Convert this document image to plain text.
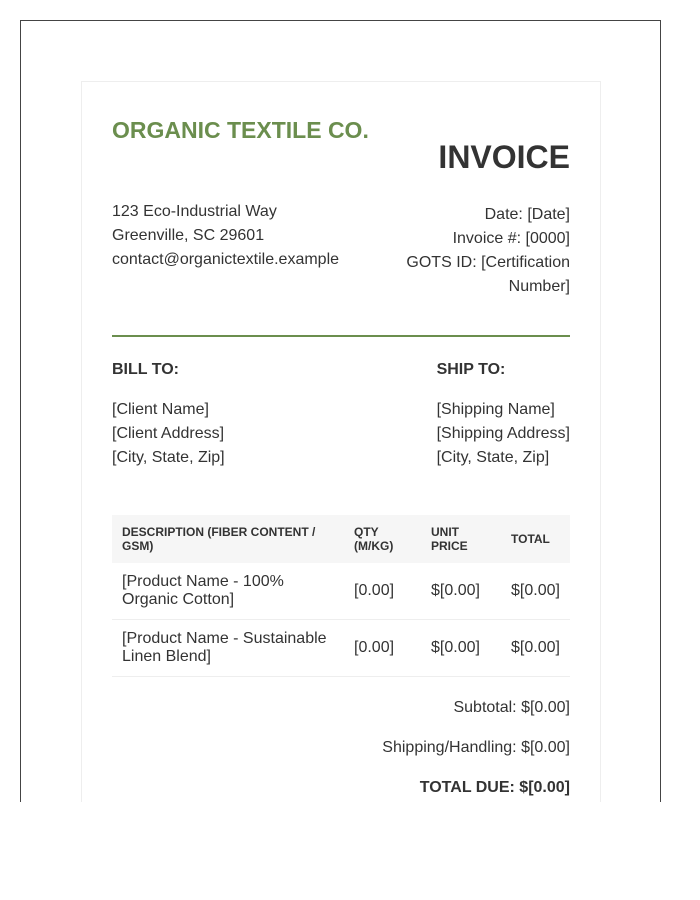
ORGANIC TEXTILE CO.
123 Eco-Industrial Way
Greenville, SC 29601
contact@organictextile.example
INVOICE
Date: [Date]
Invoice #: [0000]
GOTS ID: [Certification Number]
BILL TO:
[Client Name]
[Client Address]
[City, State, Zip]
SHIP TO:
[Shipping Name]
[Shipping Address]
[City, State, Zip]
DESCRIPTION (FIBER CONTENT / GSM)	QTY (M/KG)	UNIT PRICE	TOTAL
[Product Name - 100% Organic Cotton]	[0.00]	$[0.00]	$[0.00]
[Product Name - Sustainable Linen Blend]	[0.00]	$[0.00]	$[0.00]
Subtotal: $[0.00]
Shipping/Handling: $[0.00]
TOTAL DUE: $[0.00]
